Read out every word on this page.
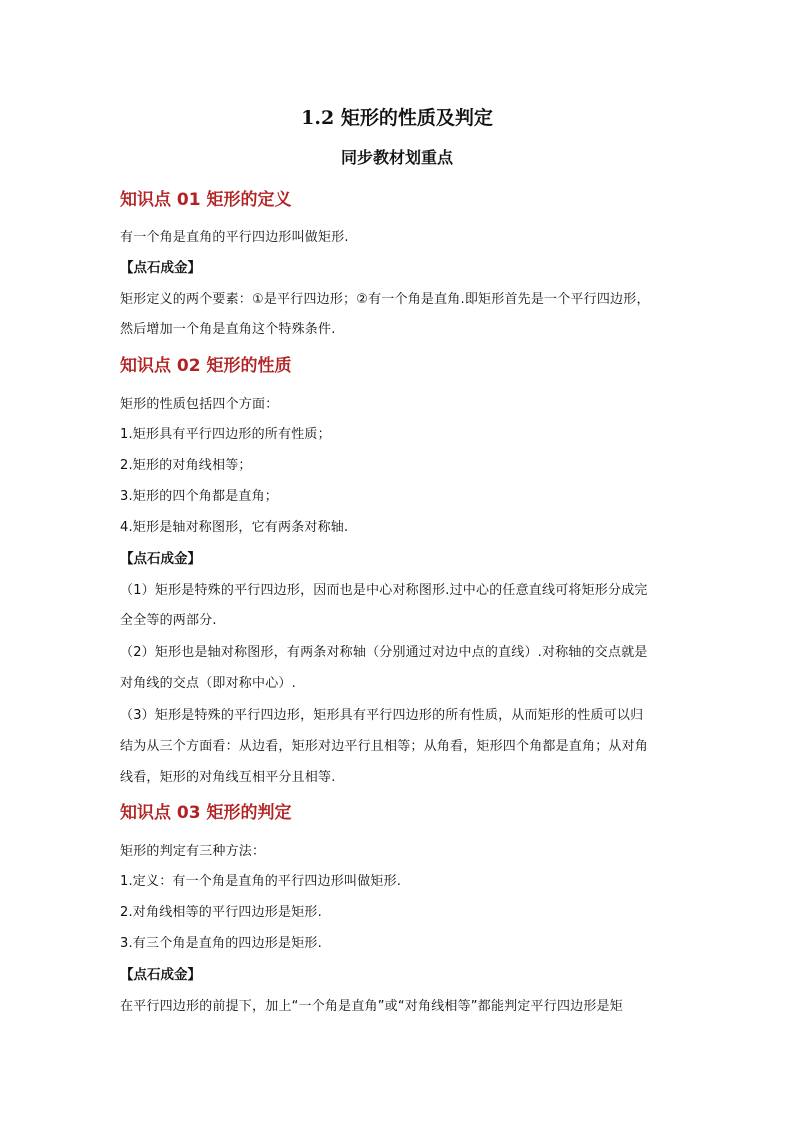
1.2 矩形的性质及判定
同步教材划重点
知识点 01 矩形的定义
有一个角是直角的平行四边形叫做矩形.
【点石成金】
矩形定义的两个要素：①是平行四边形；②有一个角是直角.即矩形首先是一个平行四边形，
然后增加一个角是直角这个特殊条件.
知识点 02 矩形的性质
矩形的性质包括四个方面：
1.矩形具有平行四边形的所有性质；
2.矩形的对角线相等；
3.矩形的四个角都是直角；
4.矩形是轴对称图形，它有两条对称轴.
【点石成金】
（1）矩形是特殊的平行四边形，因而也是中心对称图形.过中心的任意直线可将矩形分成完
全全等的两部分.
（2）矩形也是轴对称图形，有两条对称轴（分别通过对边中点的直线）.对称轴的交点就是
对角线的交点（即对称中心）.
（3）矩形是特殊的平行四边形，矩形具有平行四边形的所有性质，从而矩形的性质可以归
结为从三个方面看：从边看，矩形对边平行且相等；从角看，矩形四个角都是直角；从对角
线看，矩形的对角线互相平分且相等.
知识点 03 矩形的判定
矩形的判定有三种方法：
1.定义：有一个角是直角的平行四边形叫做矩形.
2.对角线相等的平行四边形是矩形.
3.有三个角是直角的四边形是矩形.
【点石成金】
在平行四边形的前提下，加上“一个角是直角”或“对角线相等”都能判定平行四边形是矩
